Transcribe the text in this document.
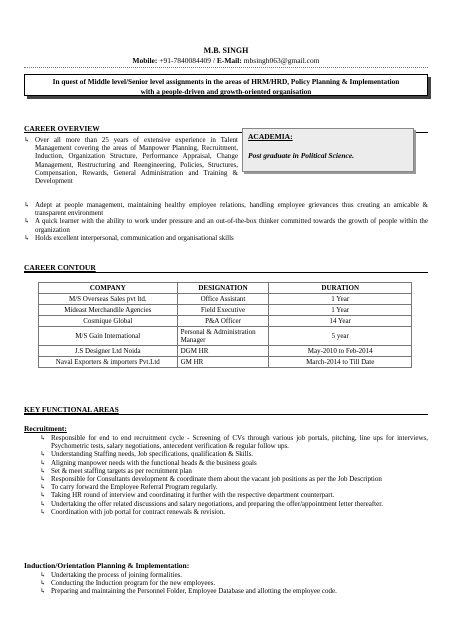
M.B. SINGH
Mobile: +91-7840084409 / E-Mail: mbsingh063@gmail.com
In quest of Middle level/Senior level assignments in the areas of HRM/HRD, Policy Planning & Implementation
with a people-driven and growth-oriented organisation
CAREER OVERVIEW
↳ Over all more than 25 years of extensive experience in Talent Management covering the areas of Manpower Planning, Recruitment, Induction, Organization Structure, Performance Appraisal, Change Management, Restructuring and Reengineering, Policies, Structures, Compensation, Rewards, General Administration and Training & Development
↳ Adept at people management, maintaining healthy employee relations, handling employee grievances thus creating an amicable & transparent environment
↳ A quick learner with the ability to work under pressure and an out-of-the-box thinker committed towards the growth of people within the organization
↳ Holds excellent interpersonal, communication and organisational skills
ACADEMIA:
Post graduate in Political Science.
CAREER CONTOUR
COMPANY	DESIGNATION	DURATION
M/S Overseas Sales pvt ltd.	Office Assistant	1 Year
Mideast Merchandile Agencies	Field Executive	1 Year
Cosmique Global	P&A Officer	14 Year
M/S Gain International	Personal & Administration Manager	5 year
J.S Designer Ltd Noida	DGM HR	May-2010 to Feb-2014
Naval Exporters & importers Pvt.Ltd	GM HR	March-2014 to Till Date
KEY FUNCTIONAL AREAS
Recruitment:
↳ Responsible for end to end recruitment cycle - Screening of CVs through various job portals, pitching, line ups for interviews, Psychometric tests, salary negotiations, antecedent verification & regular follow ups.
↳ Understanding Staffing needs, Job specifications, qualification & Skills.
↳ Aligning manpower needs with the functional heads & the business goals
↳ Set & meet staffing targets as per recruitment plan
↳ Responsible for Consultants development & coordinate them about the vacant job positions as per the Job Description
↳ To carry forward the Employee Referral Program regularly.
↳ Taking HR round of interview and coordinating it further with the respective department counterpart.
↳ Undertaking the offer related discussions and salary negotiations, and preparing the offer/appointment letter thereafter.
↳ Coordination with job portal for contract renewals & revision.
Induction/Orientation Planning & Implementation:
↳ Undertaking the process of joining formalities.
↳ Conducting the Induction program for the new employees.
↳ Preparing and maintaining the Personnel Folder, Employee Database and allotting the employee code.
